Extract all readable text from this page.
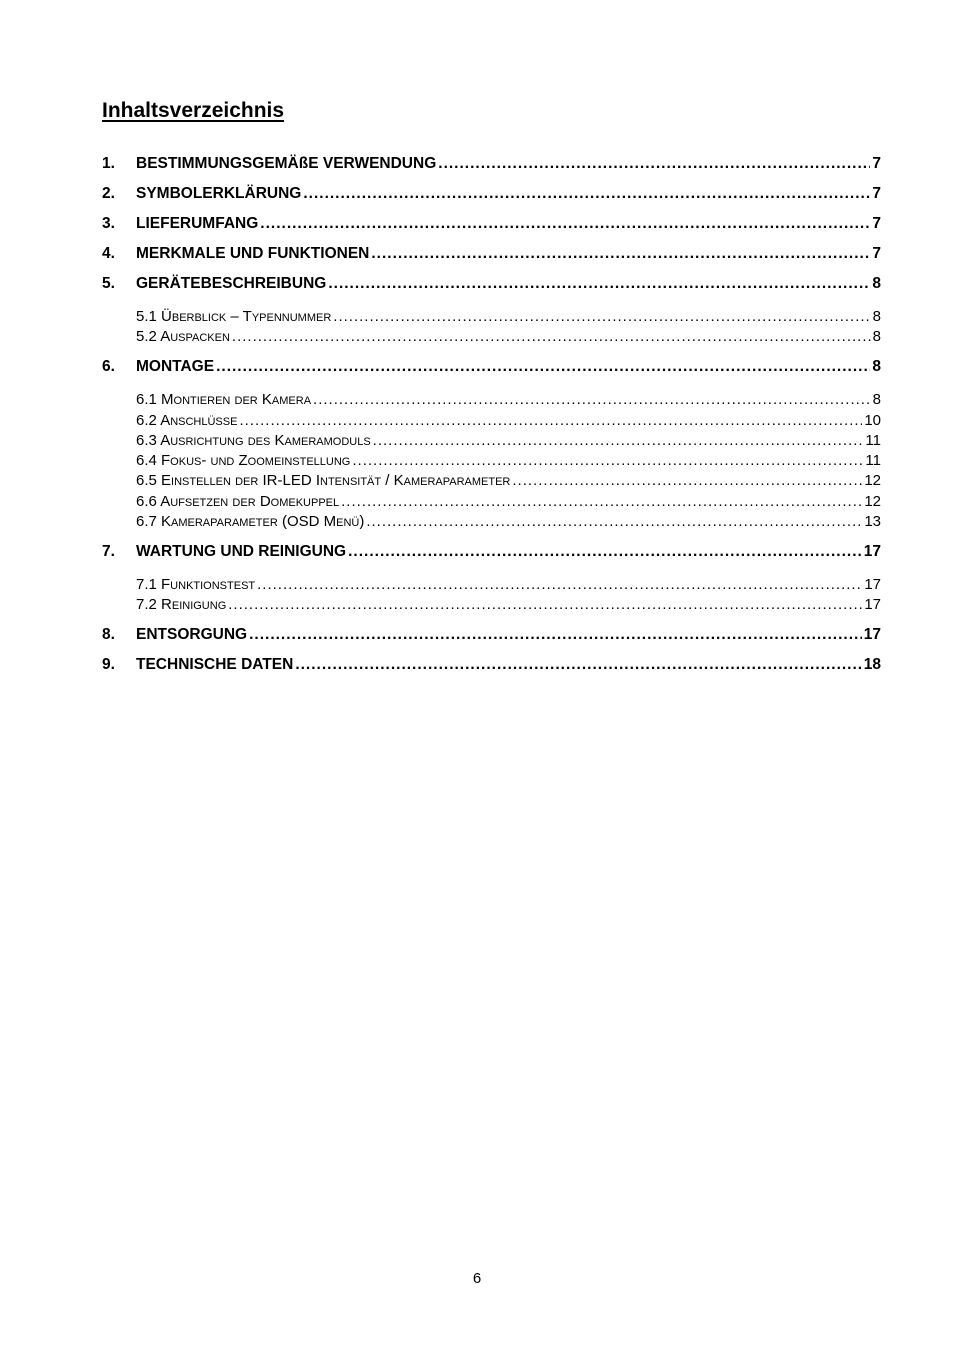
Inhaltsverzeichnis
1.	BESTIMMUNGSGEMÄßE VERWENDUNG .....	7
2.	SYMBOLERKLÄRUNG .....	7
3.	LIEFERUMFANG .....	7
4.	MERKMALE UND FUNKTIONEN .....	7
5.	GERÄTEBESCHREIBUNG .....	8
5.1 Überblick – Typennummer .....	8
5.2 Auspacken .....	8
6.	MONTAGE .....	8
6.1 Montieren der Kamera .....	8
6.2 Anschlüsse .....	10
6.3 Ausrichtung des Kameramoduls .....	11
6.4 Fokus- und Zoomeinstellung .....	11
6.5 Einstellen der IR-LED Intensität / Kameraparameter .....	12
6.6 Aufsetzen der Domekuppel .....	12
6.7 Kameraparameter (OSD Menü) .....	13
7.	WARTUNG UND REINIGUNG .....	17
7.1 Funktionstest .....	17
7.2 Reinigung .....	17
8.	ENTSORGUNG .....	17
9.	TECHNISCHE DATEN .....	18
6
